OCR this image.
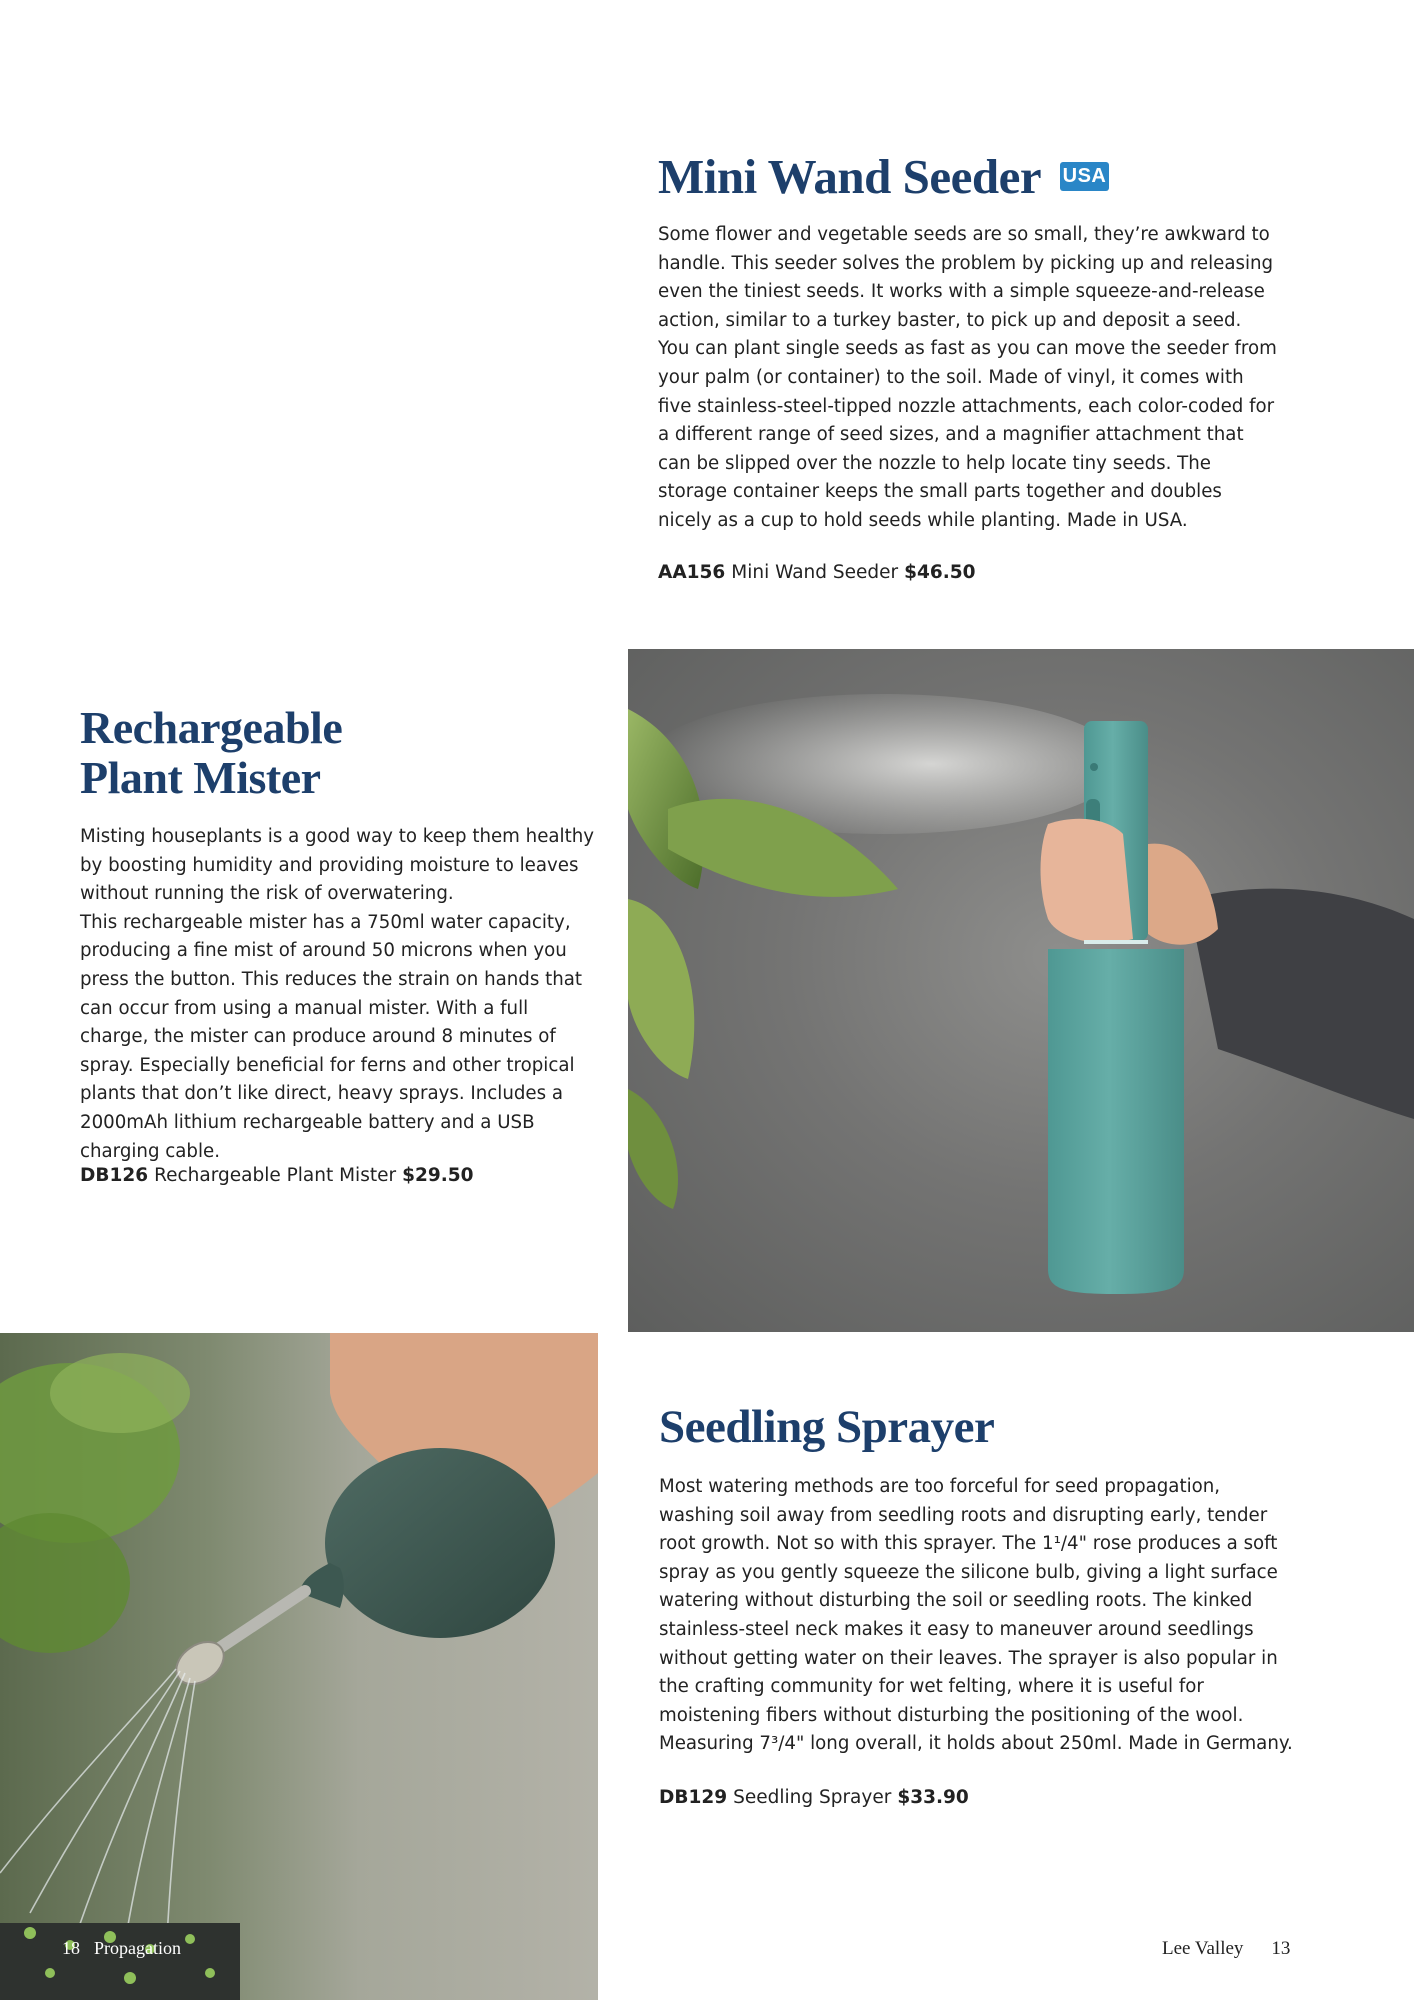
Mini Wand Seeder USA

Some flower and vegetable seeds are so small, they’re awkward to handle. This seeder solves the problem by picking up and releasing even the tiniest seeds. It works with a simple squeeze-and-release action, similar to a turkey baster, to pick up and deposit a seed.

You can plant single seeds as fast as you can move the seeder from your palm (or container) to the soil. Made of vinyl, it comes with five stainless-steel-tipped nozzle attachments, each color-coded for a different range of seed sizes, and a magnifier attachment that can be slipped over the nozzle to help locate tiny seeds. The storage container keeps the small parts together and doubles nicely as a cup to hold seeds while planting. Made in USA.

AA156 Mini Wand Seeder $46.50
Rechargeable
Plant Mister

Misting houseplants is a good way to keep them healthy by boosting humidity and providing moisture to leaves without running the risk of overwatering.

This rechargeable mister has a 750ml water capacity, producing a fine mist of around 50 microns when you press the button. This reduces the strain on hands that can occur from using a manual mister. With a full charge, the mister can produce around 8 minutes of spray. Especially beneficial for ferns and other tropical plants that don’t like direct, heavy sprays. Includes a 2000mAh lithium rechargeable battery and a USB charging cable.

DB126 Rechargeable Plant Mister $29.50
Seedling Sprayer

Most watering methods are too forceful for seed propagation, washing soil away from seedling roots and disrupting early, tender root growth. Not so with this sprayer. The 1¹/4" rose produces a soft spray as you gently squeeze the silicone bulb, giving a light surface watering without disturbing the soil or seedling roots. The kinked stainless-steel neck makes it easy to maneuver around seedlings without getting water on their leaves. The sprayer is also popular in the crafting community for wet felting, where it is useful for moistening fibers without disturbing the positioning of the wool. Measuring 7³/4" long overall, it holds about 250ml. Made in Germany.

DB129 Seedling Sprayer $33.90
18 Propagation	Lee Valley 13
